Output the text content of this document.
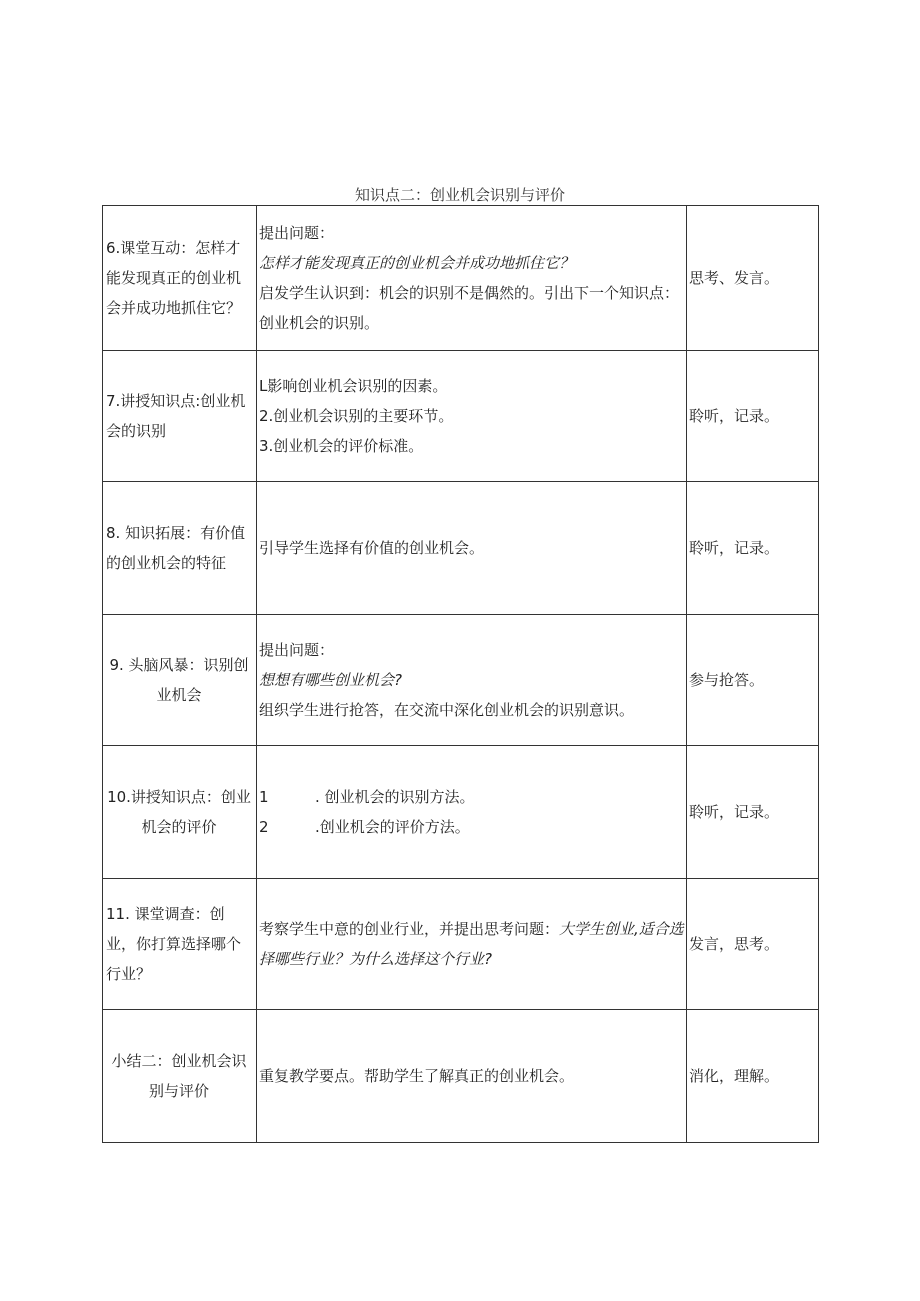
知识点二：创业机会识别与评价
6.课堂互动：怎样才能发现真正的创业机会并成功地抓住它？	提出问题：
怎样才能发现真正的创业机会并成功地抓住它？
启发学生认识到：机会的识别不是偶然的。引出下一个知识点：创业机会的识别。	思考、发言。

7.讲授知识点:创业机会的识别	L影响创业机会识别的因素。
2.创业机会识别的主要环节。
3.创业机会的评价标准。	聆听，记录。

8. 知识拓展：有价值的创业机会的特征	引导学生选择有价值的创业机会。	聆听，记录。

9. 头脑风暴：识别创业机会	提出问题：
想想有哪些创业机会?
组织学生进行抢答，在交流中深化创业机会的识别意识。	参与抢答。

10.讲授知识点：创业机会的评价	1 . 创业机会的识别方法。
2 .创业机会的评价方法。	聆听，记录。

11. 课堂调查：创业，你打算选择哪个行业？	考察学生中意的创业行业，并提出思考问题：大学生创业,适合选择哪些行业？为什么选择这个行业?	发言，思考。

小结二：创业机会识别与评价	重复教学要点。帮助学生了解真正的创业机会。	消化，理解。
